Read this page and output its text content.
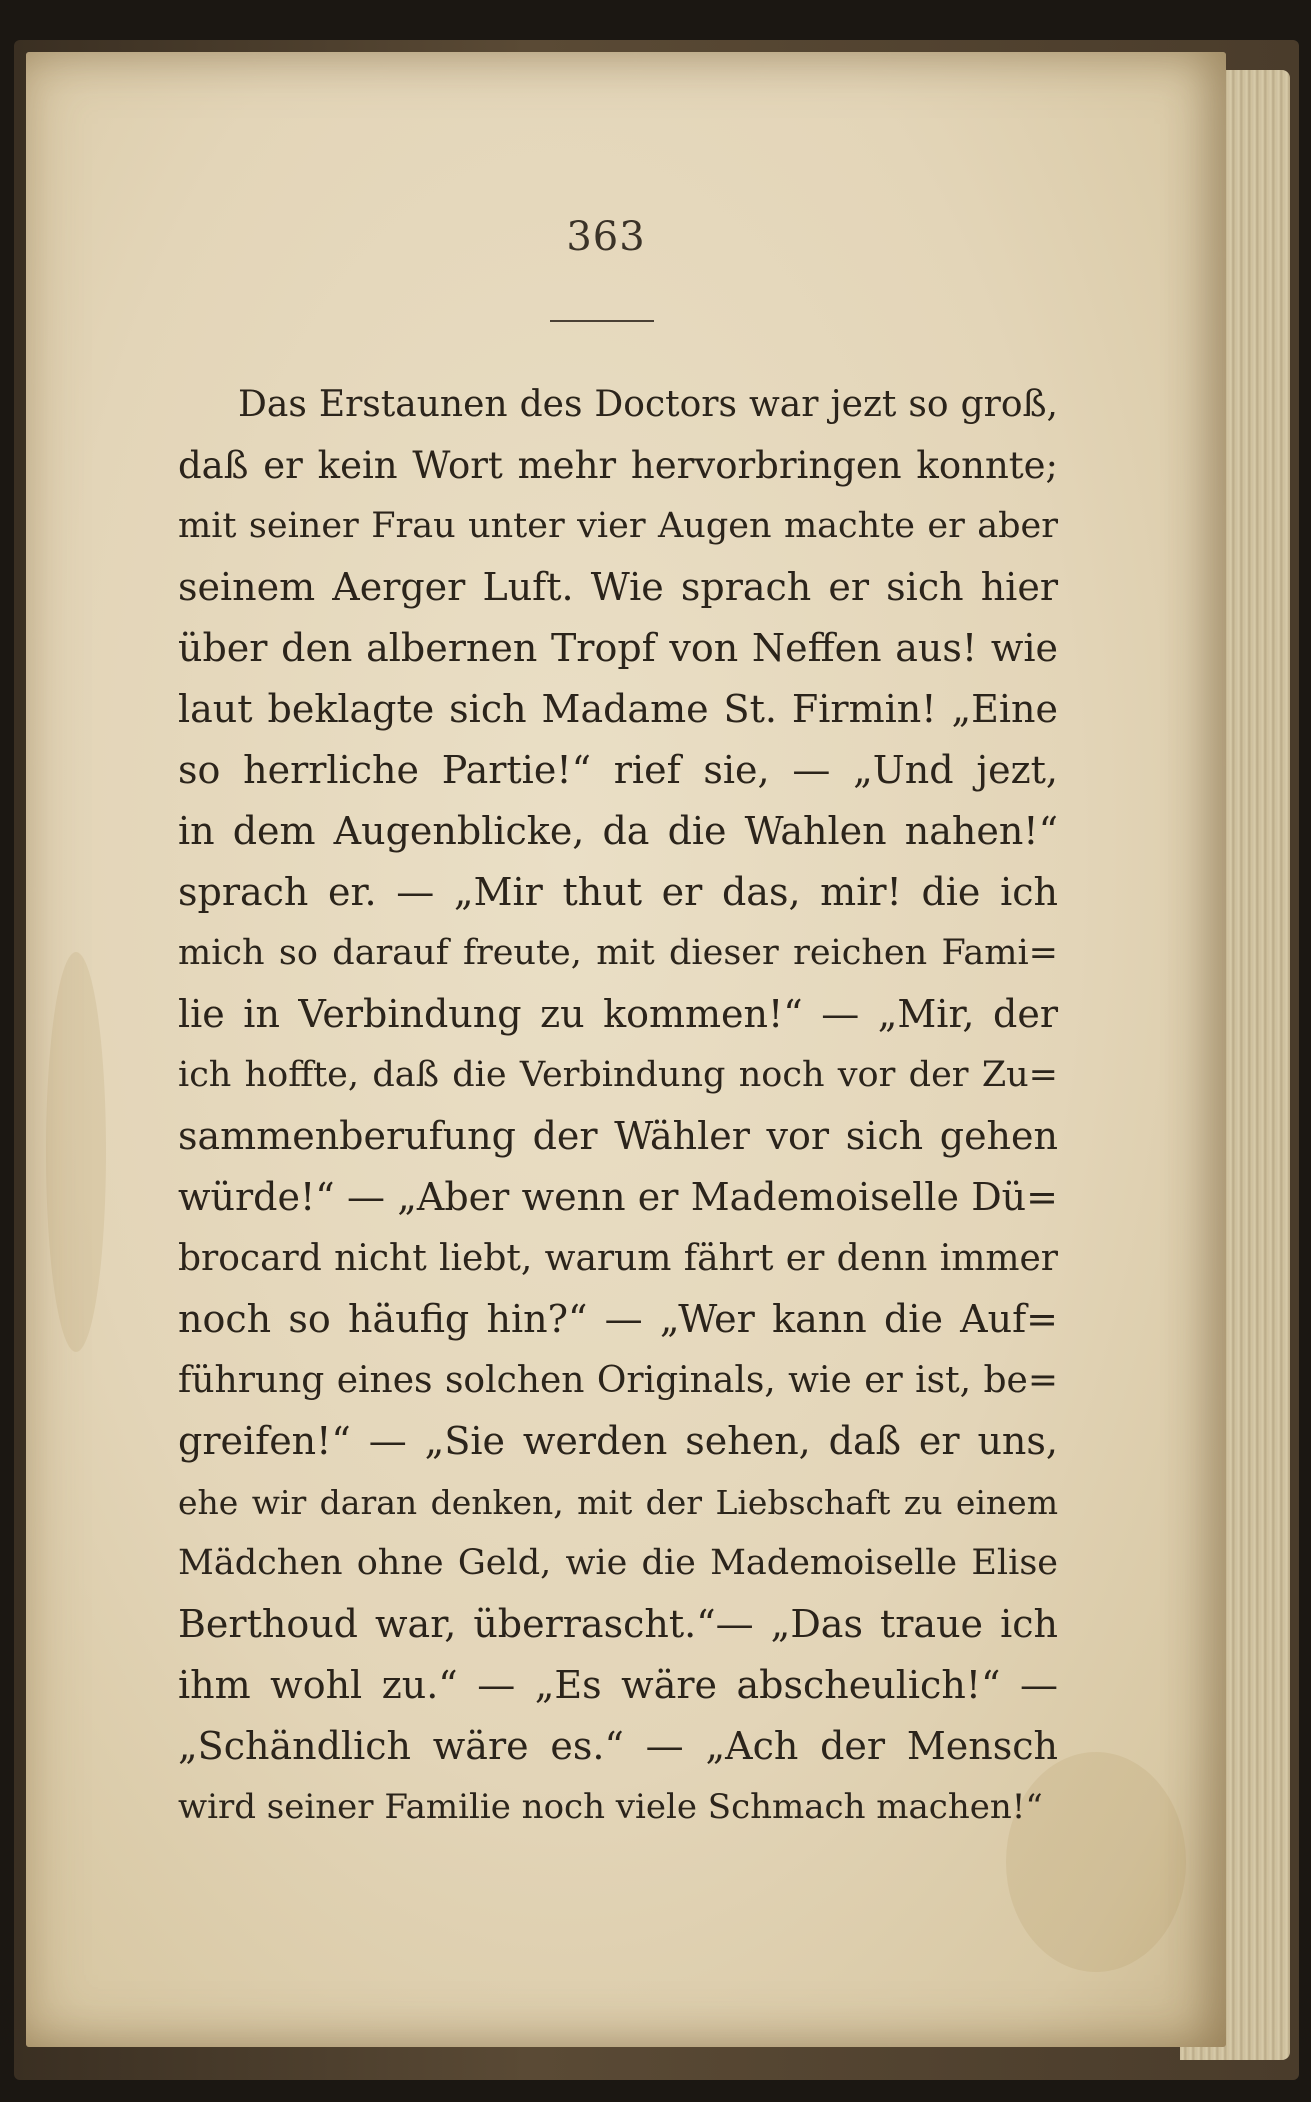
363
Das Erstaunen des Doctors war jezt so groß,
daß er kein Wort mehr hervorbringen konnte;
mit seiner Frau unter vier Augen machte er aber
seinem Aerger Luft. Wie sprach er sich hier
über den albernen Tropf von Neffen aus! wie
laut beklagte sich Madame St. Firmin! „Eine
so herrliche Partie!“ rief sie, — „Und jezt,
in dem Augenblicke, da die Wahlen nahen!“
sprach er. — „Mir thut er das, mir! die ich
mich so darauf freute, mit dieser reichen Fami=
lie in Verbindung zu kommen!“ — „Mir, der
ich hoffte, daß die Verbindung noch vor der Zu=
sammenberufung der Wähler vor sich gehen
würde!“ — „Aber wenn er Mademoiselle Dü=
brocard nicht liebt, warum fährt er denn immer
noch so häufig hin?“ — „Wer kann die Auf=
führung eines solchen Originals, wie er ist, be=
greifen!“ — „Sie werden sehen, daß er uns,
ehe wir daran denken, mit der Liebschaft zu einem
Mädchen ohne Geld, wie die Mademoiselle Elise
Berthoud war, überrascht.“— „Das traue ich
ihm wohl zu.“ — „Es wäre abscheulich!“ —
„Schändlich wäre es.“ — „Ach der Mensch
wird seiner Familie noch viele Schmach machen!“
